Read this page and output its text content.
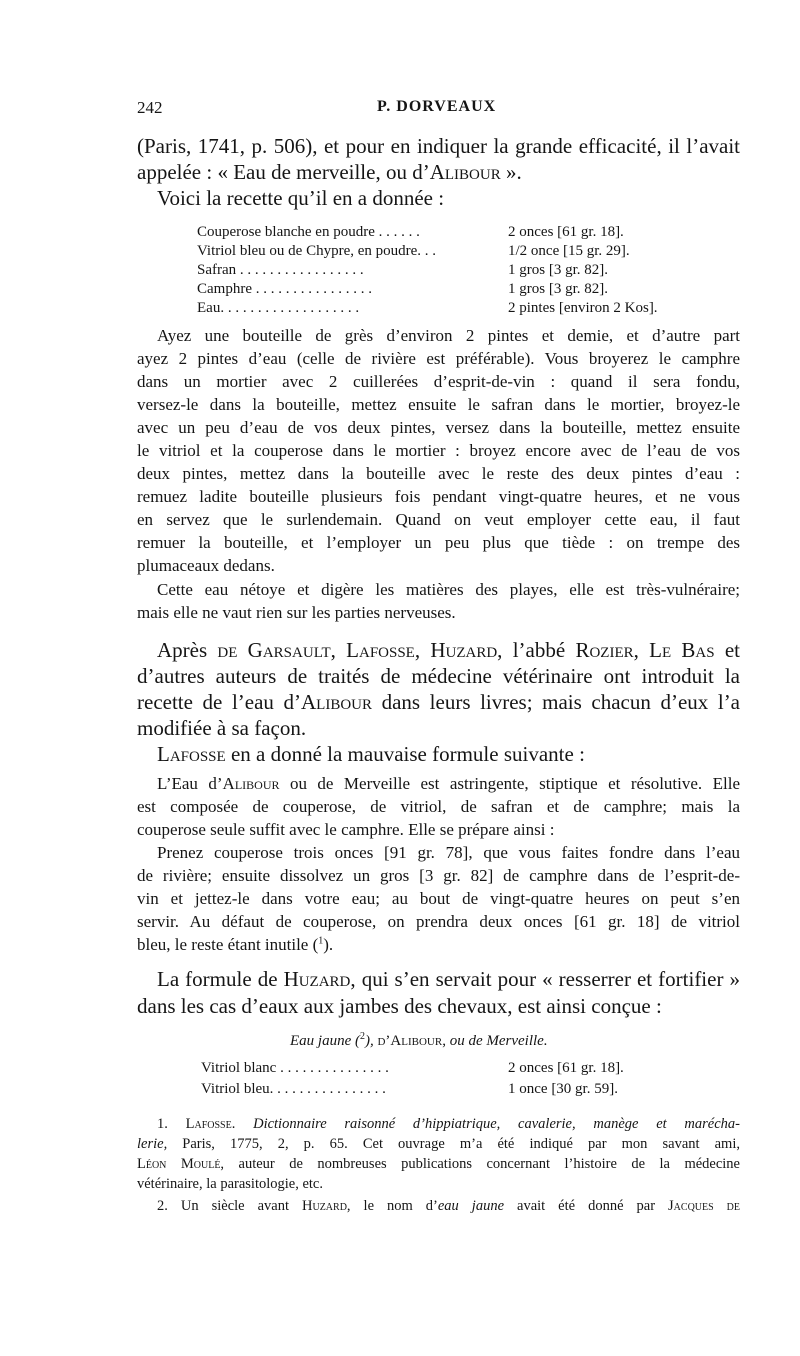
242	P. DORVEAUX
(Paris, 1741, p. 506), et pour en indiquer la grande efficacité, il l’avait
appelée : « Eau de merveille, ou d’Alibour ».
Voici la recette qu’il en a donnée :
Couperose blanche en poudre . . . . . .	2 onces [61 gr. 18].
Vitriol bleu ou de Chypre, en poudre. . .	1/2 once [15 gr. 29].
Safran . . . . . . . . . . . . . . . . .	1 gros [3 gr. 82].
Camphre . . . . . . . . . . . . . . . .	1 gros [3 gr. 82].
Eau. . . . . . . . . . . . . . . . . . .	2 pintes [environ 2 Kos].
Ayez une bouteille de grès d’environ 2 pintes et demie, et d’autre part
ayez 2 pintes d’eau (celle de rivière est préférable). Vous broyerez le camphre
dans un mortier avec 2 cuillerées d’esprit-de-vin : quand il sera fondu,
versez-le dans la bouteille, mettez ensuite le safran dans le mortier, broyez-le
avec un peu d’eau de vos deux pintes, versez dans la bouteille, mettez ensuite
le vitriol et la couperose dans le mortier : broyez encore avec de l’eau de vos
deux pintes, mettez dans la bouteille avec le reste des deux pintes d’eau :
remuez ladite bouteille plusieurs fois pendant vingt-quatre heures, et ne vous
en servez que le surlendemain. Quand on veut employer cette eau, il faut
remuer la bouteille, et l’employer un peu plus que tiède : on trempe des
plumaceaux dedans.
Cette eau nétoye et digère les matières des playes, elle est très-vulnéraire;
mais elle ne vaut rien sur les parties nerveuses.
Après de Garsault, Lafosse, Huzard, l’abbé Rozier, Le Bas et
d’autres auteurs de traités de médecine vétérinaire ont introduit la
recette de l’eau d’Alibour dans leurs livres; mais chacun d’eux l’a
modifiée à sa façon.
Lafosse en a donné la mauvaise formule suivante :
L’Eau d’Alibour ou de Merveille est astringente, stiptique et résolutive. Elle
est composée de couperose, de vitriol, de safran et de camphre; mais la
couperose seule suffit avec le camphre. Elle se prépare ainsi :
Prenez couperose trois onces [91 gr. 78], que vous faites fondre dans l’eau
de rivière; ensuite dissolvez un gros [3 gr. 82] de camphre dans de l’esprit-de-
vin et jettez-le dans votre eau; au bout de vingt-quatre heures on peut s’en
servir. Au défaut de couperose, on prendra deux onces [61 gr. 18] de vitriol
bleu, le reste étant inutile ($^1$).
La formule de Huzard, qui s’en servait pour « resserrer et fortifier »
dans les cas d’eaux aux jambes des chevaux, est ainsi conçue :
Eau jaune ($^2$), d’Alibour, ou de Merveille.
Vitriol blanc . . . . . . . . . . . . . . .	2 onces [61 gr. 18].
Vitriol bleu. . . . . . . . . . . . . . . .	1 once [30 gr. 59].
1. Lafosse. Dictionnaire raisonné d’hippiatrique, cavalerie, manège et marécha-
lerie, Paris, 1775, 2, p. 65. Cet ouvrage m’a été indiqué par mon savant ami,
Léon Moulé, auteur de nombreuses publications concernant l’histoire de la médecine
vétérinaire, la parasitologie, etc.
2. Un siècle avant Huzard, le nom d’eau jaune avait été donné par Jacques de
